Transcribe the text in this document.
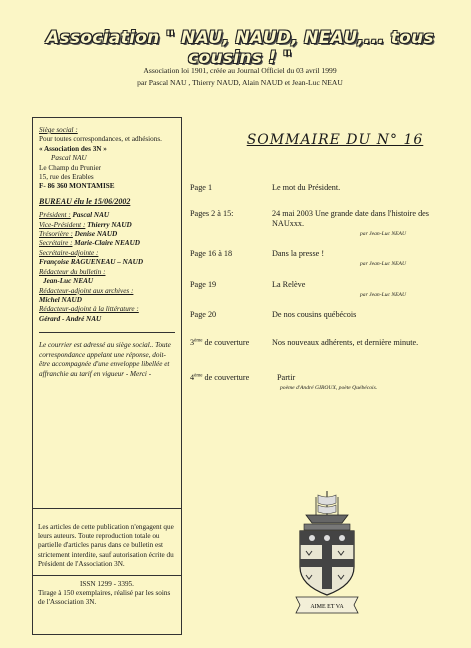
Association " NAU, NAUD, NEAU,... tous cousins ! "
Association loi 1901, créée au Journal Officiel du 03 avril 1999
par Pascal NAU , Thierry NAUD, Alain NAUD et Jean-Luc NEAU

Siège social :

Pour toutes correspondances, et adhésions.

« Association des 3N »

Pascal NAU

Le Champ du Prunier

15, rue des Erables

F- 86 360 MONTAMISE

BUREAU élu le 15/06/2002

Président : Pascal NAU

Vice-Président : Thierry NAUD

Trésorière : Denise NAUD

Secrétaire : Marie-Claire NEAUD

Secrétaire-adjointe :

Françoise RAGUENEAU – NAUD

Rédacteur du bulletin :

Jean-Luc NEAU

Rédacteur-adjoint aux archives :

Michel NAUD

Rédacteur-adjoint à la littérature :

Gérard - André NAU

Le courrier est adressé au siège social.. Toute correspondance appelant une réponse, doit-être accompagnée d'une enveloppe libellée et affranchie au tarif en vigueur - Merci -

Les articles de cette publication n'engagent que leurs auteurs. Toute reproduction totale ou partielle d'articles parus dans ce bulletin est strictement interdite, sauf autorisation écrite du Président de l'Association 3N.

ISSN 1299 - 3395.

Tirage à 150 exemplaires, réalisé par les soins de l'Association 3N.

SOMMAIRE DU N° 16
Page 1	Le mot du Président.
Pages 2 à 15:	24 mai 2003 Une grande date dans l'histoire des NAUxxx.
par Jean-Luc NEAU
Page 16 à 18	Dans la presse !
par Jean-Luc NEAU
Page 19	La Relève
par Jean-Luc NEAU
Page 20	De nos cousins québécois
3ème de couverture	Nos nouveaux adhérents, et dernière minute.
4ème de couverture	Partir
poème d'André GIROUX, poète Québécois.
AIME ET VA
